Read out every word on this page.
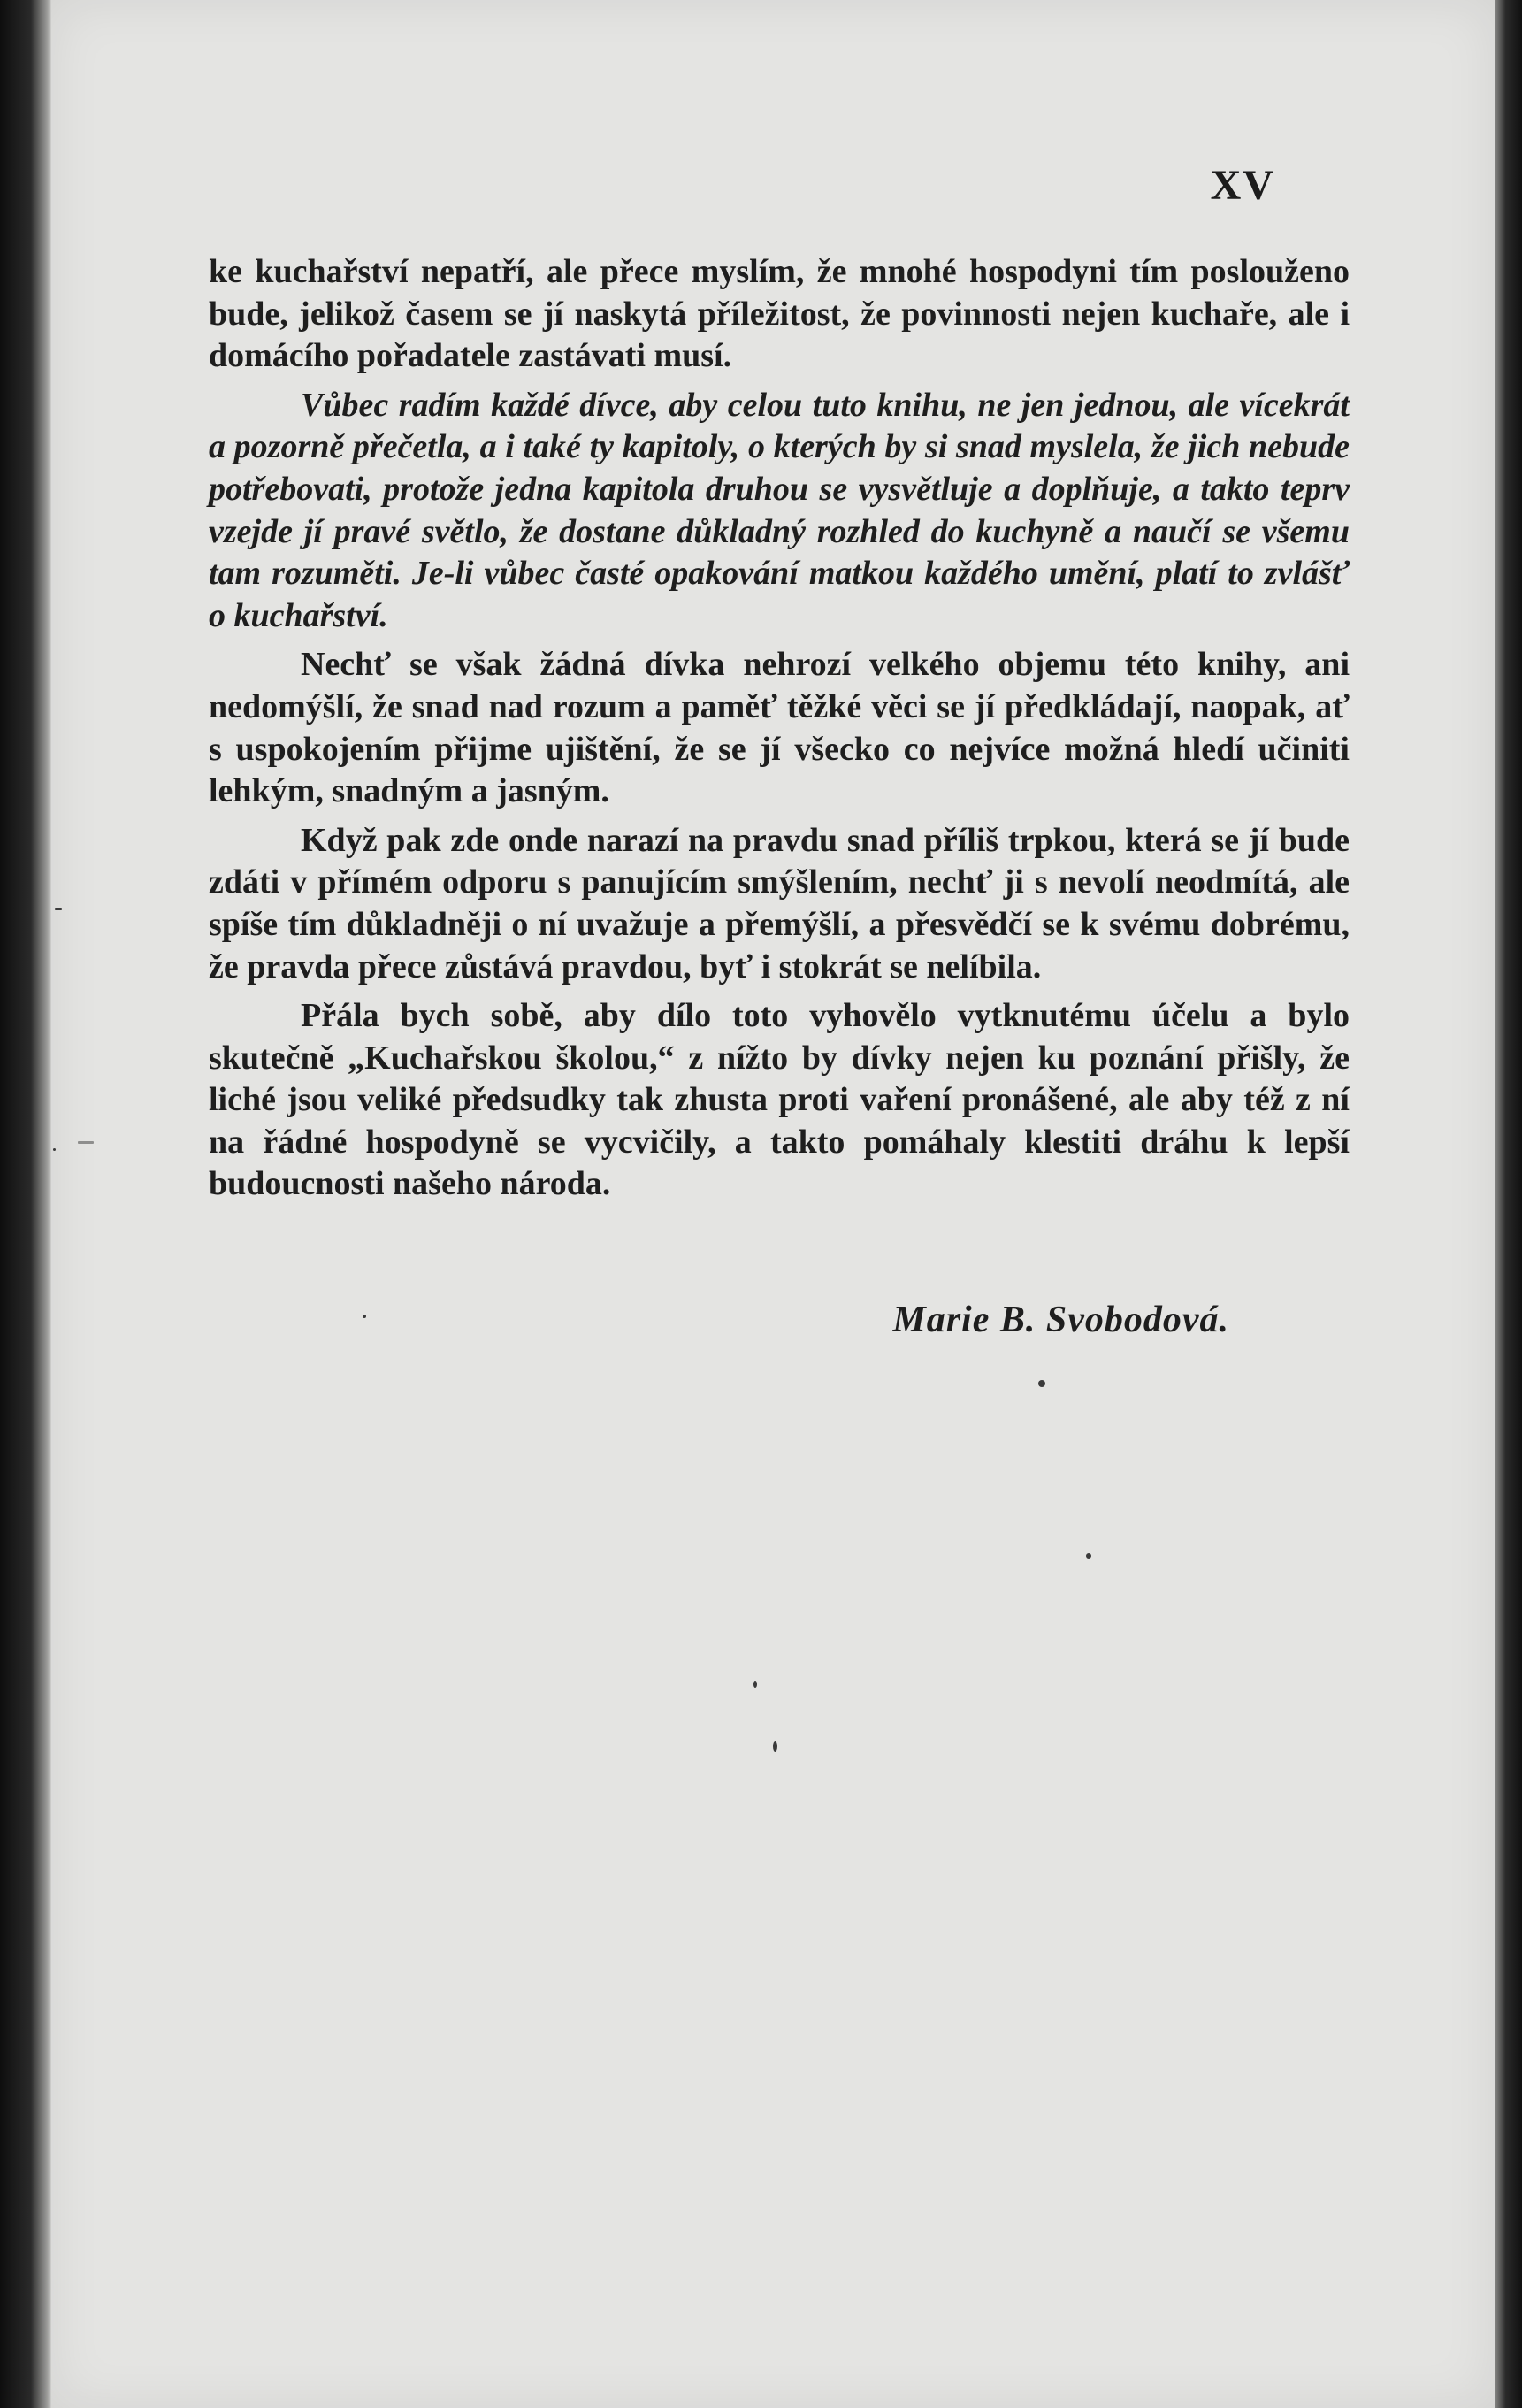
XV

ke kuchařství nepatří, ale přece myslím, že mnohé hospodyni tím poslouženo bude, jelikož časem se jí naskytá příležitost, že povinnosti nejen kuchaře, ale i domácího pořadatele zastávati musí.

Vůbec radím každé dívce, aby celou tuto knihu, ne jen jednou, ale vícekrát a pozorně přečetla, a i také ty kapitoly, o kterých by si snad myslela, že jich nebude potřebovati, protože jedna kapitola druhou se vysvětluje a doplňuje, a takto teprv vzejde jí pravé světlo, že dostane důkladný rozhled do kuchyně a naučí se všemu tam rozuměti. Je-li vůbec časté opakování matkou každého umění, platí to zvlášť o kuchařství.

Nechť se však žádná dívka nehrozí velkého objemu této knihy, ani nedomýšlí, že snad nad rozum a paměť těžké věci se jí předkládají, naopak, ať s uspokojením přijme ujištění, že se jí všecko co nejvíce možná hledí učiniti lehkým, snadným a jasným.

Když pak zde onde narazí na pravdu snad příliš trpkou, která se jí bude zdáti v přímém odporu s panujícím smýšlením, nechť ji s nevolí neodmítá, ale spíše tím důkladněji o ní uvažuje a přemýšlí, a přesvědčí se k svému dobrému, že pravda přece zůstává pravdou, byť i stokrát se nelíbila.

Přála bych sobě, aby dílo toto vyhovělo vytknutému účelu a bylo skutečně „Kuchařskou školou,“ z nížto by dívky nejen ku poznání přišly, že liché jsou veliké předsudky tak zhusta proti vaření pronášené, ale aby též z ní na řádné hospodyně se vycvičily, a takto pomáhaly klestiti dráhu k lepší budoucnosti našeho národa.

Marie B. Svobodová.
